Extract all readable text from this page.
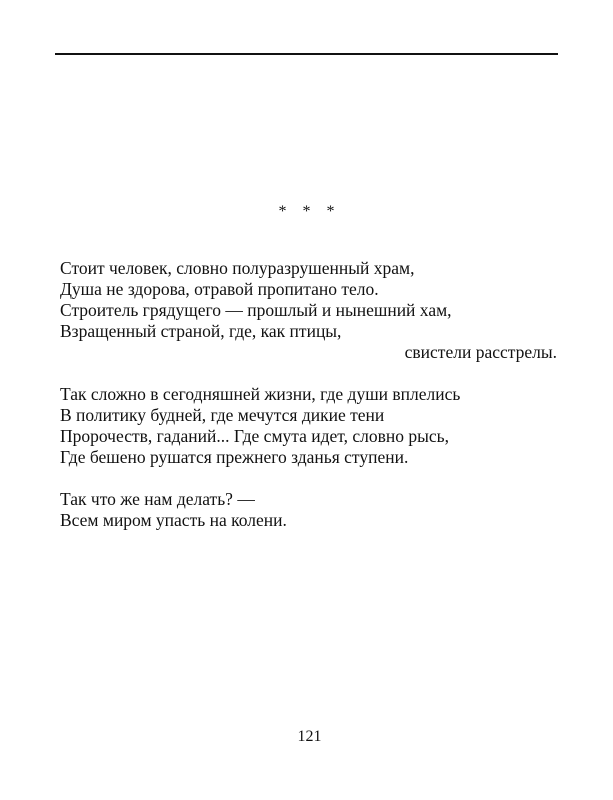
* * *
Стоит человек, словно полуразрушенный храм,
Душа не здорова, отравой пропитано тело.
Строитель грядущего — прошлый и нынешний хам,
Взращенный страной, где, как птицы,
свистели расстрелы.
Так сложно в сегодняшней жизни, где души вплелись
В политику будней, где мечутся дикие тени
Пророчеств, гаданий... Где смута идет, словно рысь,
Где бешено рушатся прежнего зданья ступени.
Так что же нам делать? —
Всем миром упасть на колени.
121
